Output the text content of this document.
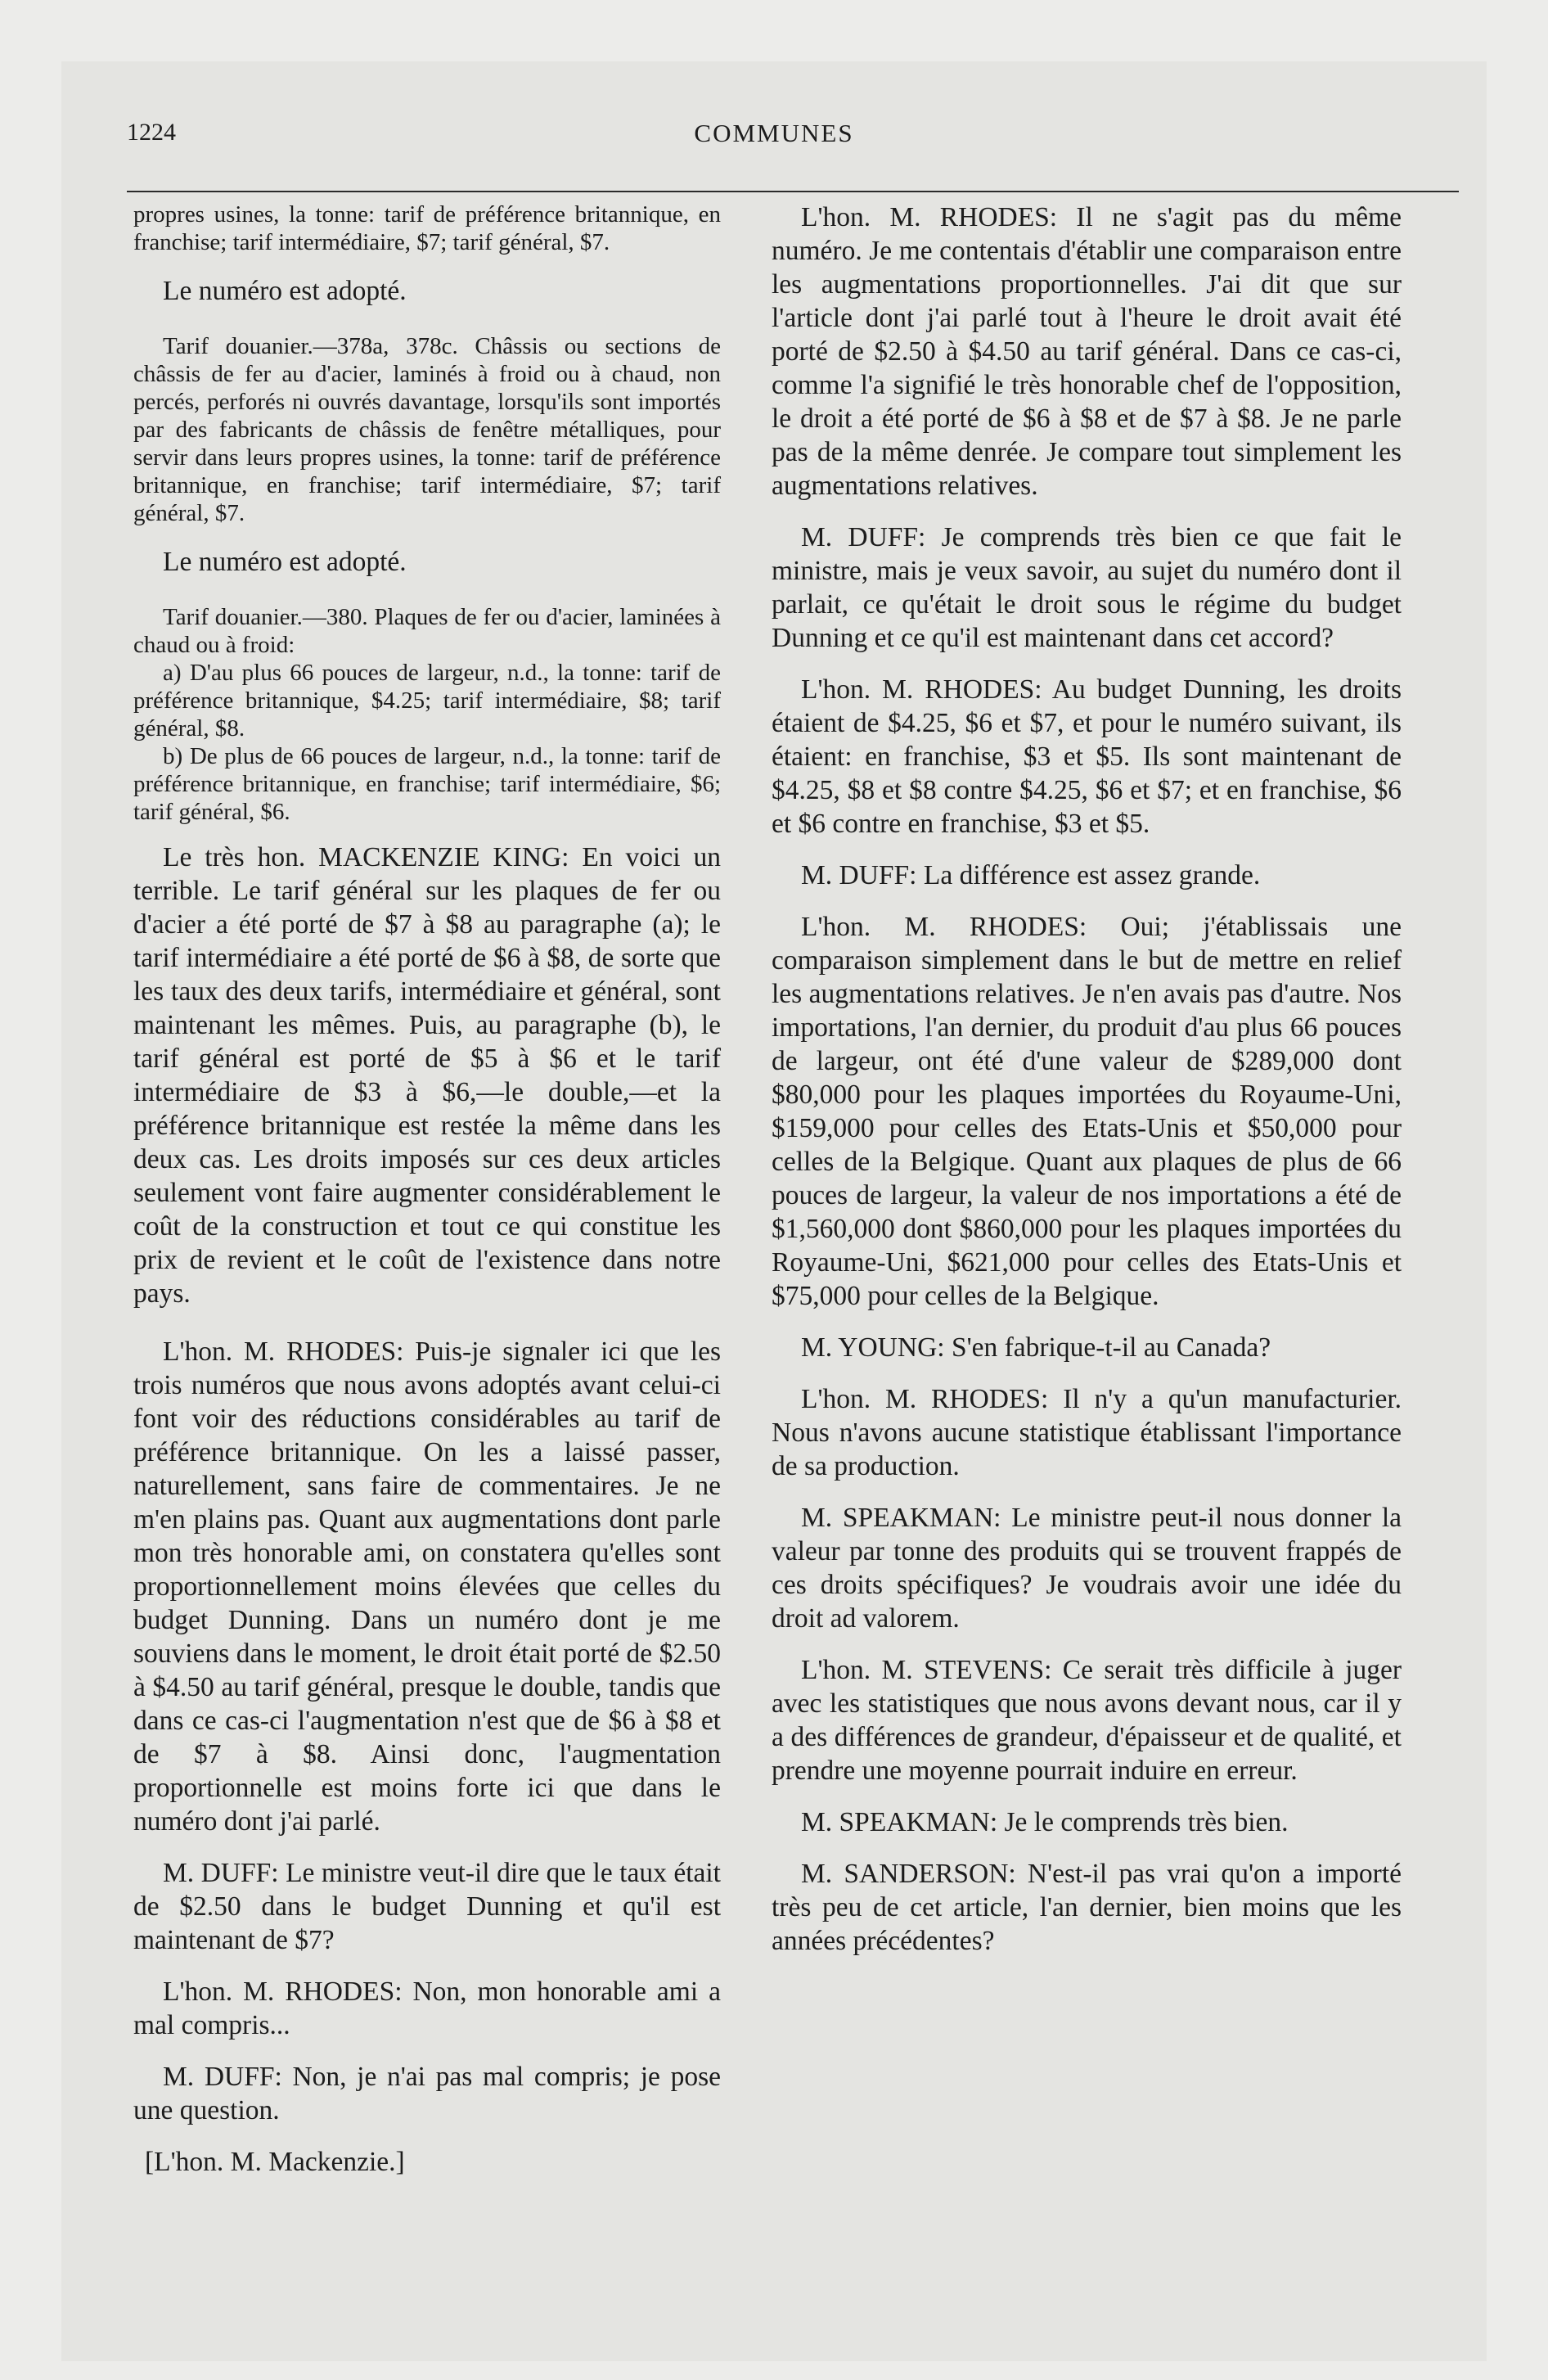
1224	COMMUNES

propres usines, la tonne: tarif de préférence britannique, en franchise; tarif intermédiaire, $7; tarif général, $7.

Le numéro est adopté.

Tarif douanier.—378a, 378c. Châssis ou sections de châssis de fer au d'acier, laminés à froid ou à chaud, non percés, perforés ni ouvrés davantage, lorsqu'ils sont importés par des fabricants de châssis de fenêtre métalliques, pour servir dans leurs propres usines, la tonne: tarif de préférence britannique, en franchise; tarif intermédiaire, $7; tarif général, $7.

Le numéro est adopté.

Tarif douanier.—380. Plaques de fer ou d'acier, laminées à chaud ou à froid:

a) D'au plus 66 pouces de largeur, n.d., la tonne: tarif de préférence britannique, $4.25; tarif intermédiaire, $8; tarif général, $8.

b) De plus de 66 pouces de largeur, n.d., la tonne: tarif de préférence britannique, en franchise; tarif intermédiaire, $6; tarif général, $6.

Le très hon. MACKENZIE KING: En voici un terrible. Le tarif général sur les plaques de fer ou d'acier a été porté de $7 à $8 au paragraphe (a); le tarif intermédiaire a été porté de $6 à $8, de sorte que les taux des deux tarifs, intermédiaire et général, sont maintenant les mêmes. Puis, au paragraphe (b), le tarif général est porté de $5 à $6 et le tarif intermédiaire de $3 à $6,—le double,—et la préférence britannique est restée la même dans les deux cas. Les droits imposés sur ces deux articles seulement vont faire augmenter considérablement le coût de la construction et tout ce qui constitue les prix de revient et le coût de l'existence dans notre pays.

L'hon. M. RHODES: Puis-je signaler ici que les trois numéros que nous avons adoptés avant celui-ci font voir des réductions considérables au tarif de préférence britannique. On les a laissé passer, naturellement, sans faire de commentaires. Je ne m'en plains pas. Quant aux augmentations dont parle mon très honorable ami, on constatera qu'elles sont proportionnellement moins élevées que celles du budget Dunning. Dans un numéro dont je me souviens dans le moment, le droit était porté de $2.50 à $4.50 au tarif général, presque le double, tandis que dans ce cas-ci l'augmentation n'est que de $6 à $8 et de $7 à $8. Ainsi donc, l'augmentation proportionnelle est moins forte ici que dans le numéro dont j'ai parlé.

M. DUFF: Le ministre veut-il dire que le taux était de $2.50 dans le budget Dunning et qu'il est maintenant de $7?

L'hon. M. RHODES: Non, mon honorable ami a mal compris...

M. DUFF: Non, je n'ai pas mal compris; je pose une question.

[L'hon. M. Mackenzie.]

L'hon. M. RHODES: Il ne s'agit pas du même numéro. Je me contentais d'établir une comparaison entre les augmentations proportionnelles. J'ai dit que sur l'article dont j'ai parlé tout à l'heure le droit avait été porté de $2.50 à $4.50 au tarif général. Dans ce cas-ci, comme l'a signifié le très honorable chef de l'opposition, le droit a été porté de $6 à $8 et de $7 à $8. Je ne parle pas de la même denrée. Je compare tout simplement les augmentations relatives.

M. DUFF: Je comprends très bien ce que fait le ministre, mais je veux savoir, au sujet du numéro dont il parlait, ce qu'était le droit sous le régime du budget Dunning et ce qu'il est maintenant dans cet accord?

L'hon. M. RHODES: Au budget Dunning, les droits étaient de $4.25, $6 et $7, et pour le numéro suivant, ils étaient: en franchise, $3 et $5. Ils sont maintenant de $4.25, $8 et $8 contre $4.25, $6 et $7; et en franchise, $6 et $6 contre en franchise, $3 et $5.

M. DUFF: La différence est assez grande.

L'hon. M. RHODES: Oui; j'établissais une comparaison simplement dans le but de mettre en relief les augmentations relatives. Je n'en avais pas d'autre. Nos importations, l'an dernier, du produit d'au plus 66 pouces de largeur, ont été d'une valeur de $289,000 dont $80,000 pour les plaques importées du Royaume-Uni, $159,000 pour celles des Etats-Unis et $50,000 pour celles de la Belgique. Quant aux plaques de plus de 66 pouces de largeur, la valeur de nos importations a été de $1,560,000 dont $860,000 pour les plaques importées du Royaume-Uni, $621,000 pour celles des Etats-Unis et $75,000 pour celles de la Belgique.

M. YOUNG: S'en fabrique-t-il au Canada?

L'hon. M. RHODES: Il n'y a qu'un manufacturier. Nous n'avons aucune statistique établissant l'importance de sa production.

M. SPEAKMAN: Le ministre peut-il nous donner la valeur par tonne des produits qui se trouvent frappés de ces droits spécifiques? Je voudrais avoir une idée du droit ad valorem.

L'hon. M. STEVENS: Ce serait très difficile à juger avec les statistiques que nous avons devant nous, car il y a des différences de grandeur, d'épaisseur et de qualité, et prendre une moyenne pourrait induire en erreur.

M. SPEAKMAN: Je le comprends très bien.

M. SANDERSON: N'est-il pas vrai qu'on a importé très peu de cet article, l'an dernier, bien moins que les années précédentes?
